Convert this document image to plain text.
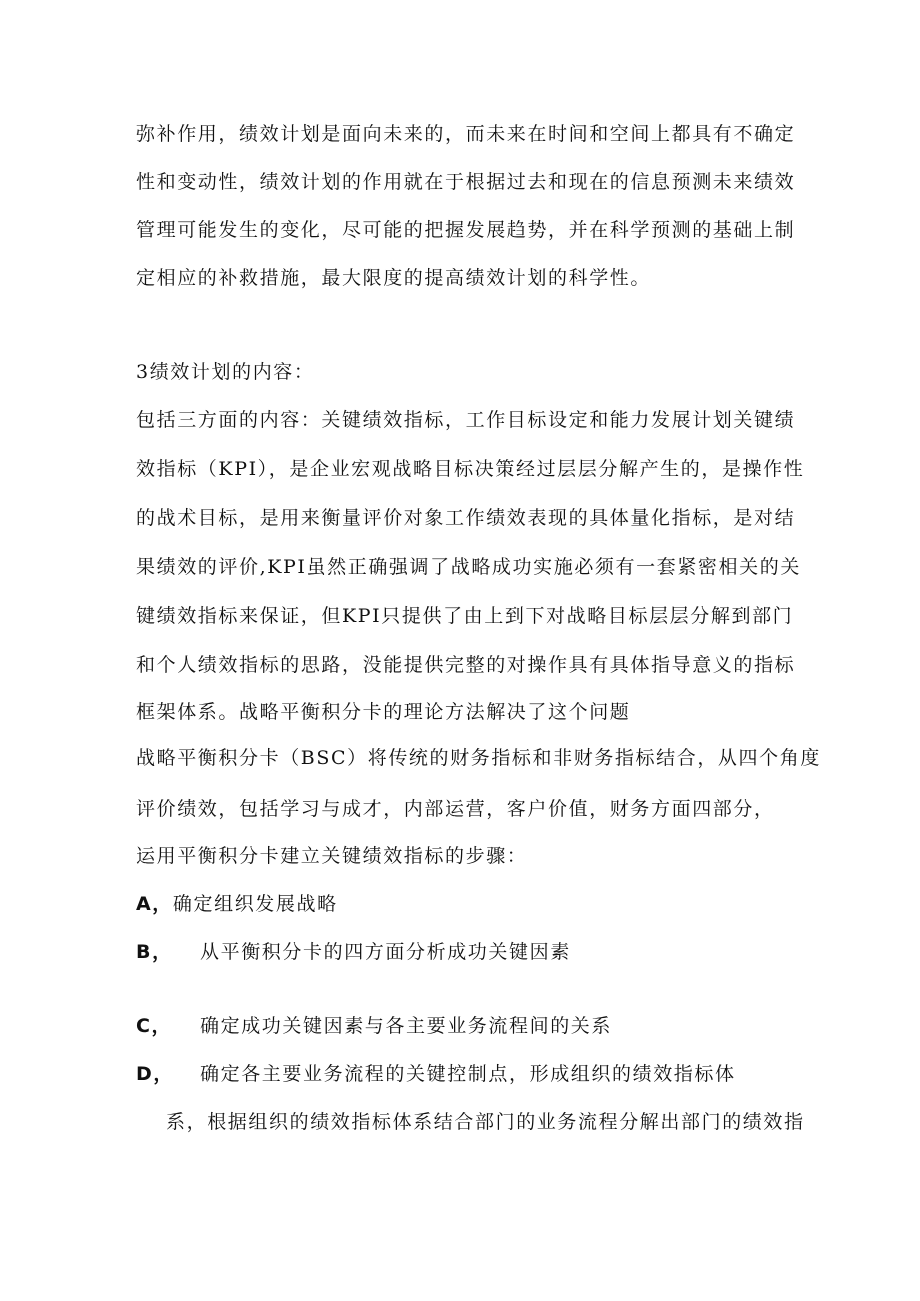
弥补作用，绩效计划是面向未来的，而未来在时间和空间上都具有不确定
性和变动性，绩效计划的作用就在于根据过去和现在的信息预测未来绩效
管理可能发生的变化，尽可能的把握发展趋势，并在科学预测的基础上制
定相应的补救措施，最大限度的提高绩效计划的科学性。
3绩效计划的内容：
包括三方面的内容：关键绩效指标，工作目标设定和能力发展计划关键绩
效指标（KPI），是企业宏观战略目标决策经过层层分解产生的，是操作性
的战术目标，是用来衡量评价对象工作绩效表现的具体量化指标，是对结
果绩效的评价,KPI虽然正确强调了战略成功实施必须有一套紧密相关的关
键绩效指标来保证，但KPI只提供了由上到下对战略目标层层分解到部门
和个人绩效指标的思路，没能提供完整的对操作具有具体指导意义的指标
框架体系。战略平衡积分卡的理论方法解决了这个问题
战略平衡积分卡（BSC）将传统的财务指标和非财务指标结合，从四个角度
评价绩效，包括学习与成才，内部运营，客户价值，财务方面四部分，
运用平衡积分卡建立关键绩效指标的步骤：
A，确定组织发展战略
B， 从平衡积分卡的四方面分析成功关键因素
C， 确定成功关键因素与各主要业务流程间的关系
D， 确定各主要业务流程的关键控制点，形成组织的绩效指标体
系，根据组织的绩效指标体系结合部门的业务流程分解出部门的绩效指
